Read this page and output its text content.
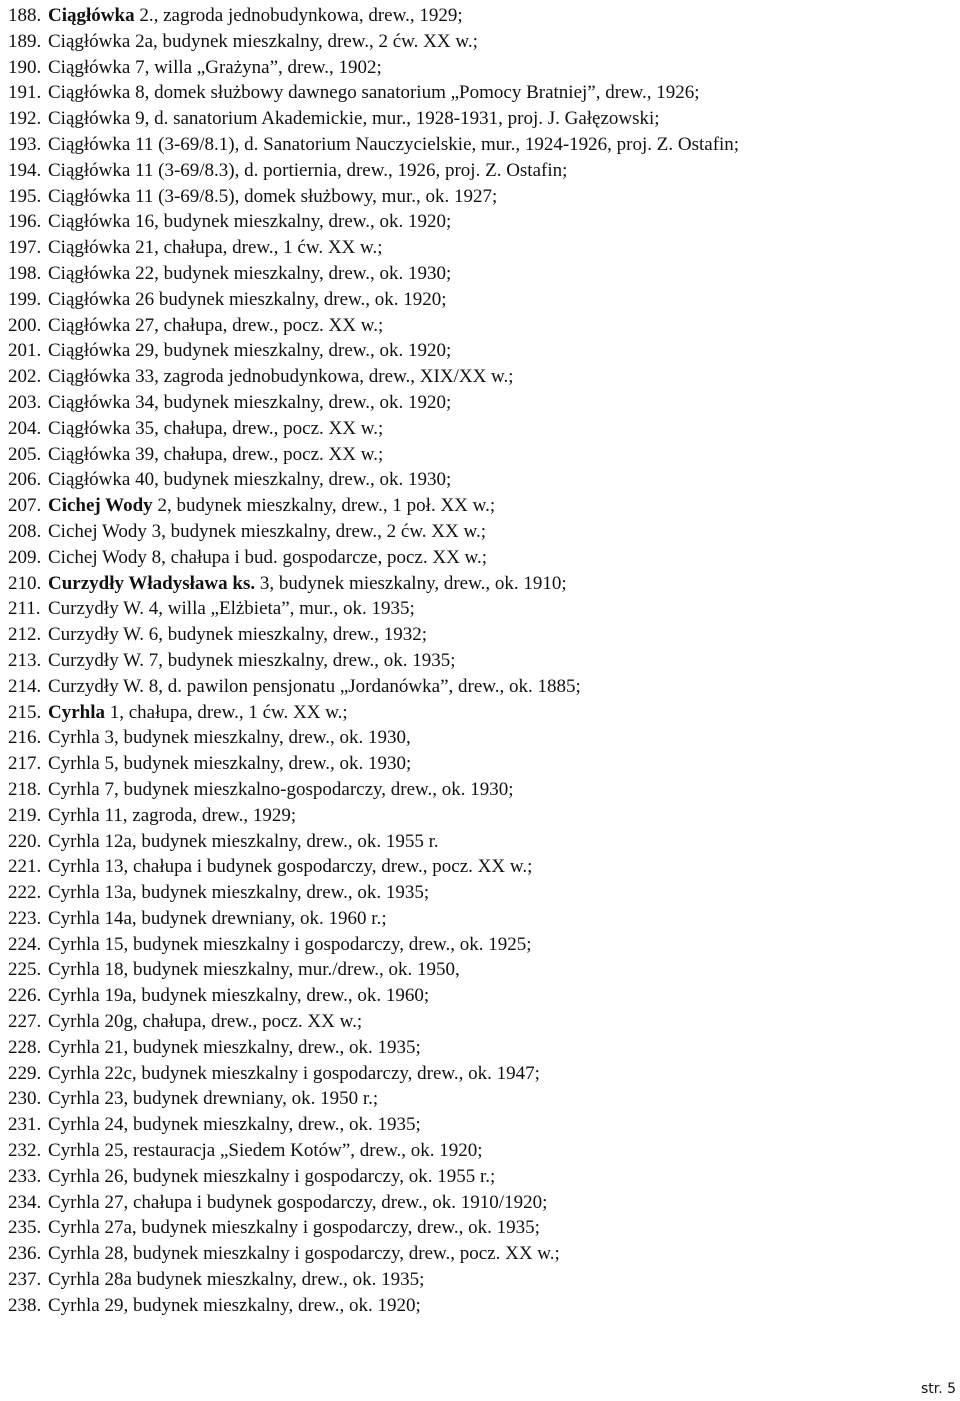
188. Ciągłówka 2., zagroda jednobudynkowa, drew., 1929;
189. Ciągłówka 2a, budynek mieszkalny, drew., 2 ćw. XX w.;
190. Ciągłówka 7, willa „Grażyna”, drew., 1902;
191. Ciągłówka 8, domek służbowy dawnego sanatorium „Pomocy Bratniej”, drew., 1926;
192. Ciągłówka 9, d. sanatorium Akademickie, mur., 1928-1931, proj. J. Gałęzowski;
193. Ciągłówka 11 (3-69/8.1), d. Sanatorium Nauczycielskie, mur., 1924-1926, proj. Z. Ostafin;
194. Ciągłówka 11 (3-69/8.3), d. portiernia, drew., 1926, proj. Z. Ostafin;
195. Ciągłówka 11 (3-69/8.5), domek służbowy, mur., ok. 1927;
196. Ciągłówka 16, budynek mieszkalny, drew., ok. 1920;
197. Ciągłówka 21, chałupa, drew., 1 ćw. XX w.;
198. Ciągłówka 22, budynek mieszkalny, drew., ok. 1930;
199. Ciągłówka 26 budynek mieszkalny, drew., ok. 1920;
200. Ciągłówka 27, chałupa, drew., pocz. XX w.;
201. Ciągłówka 29, budynek mieszkalny, drew., ok. 1920;
202. Ciągłówka 33, zagroda jednobudynkowa, drew., XIX/XX w.;
203. Ciągłówka 34, budynek mieszkalny, drew., ok. 1920;
204. Ciągłówka 35, chałupa, drew., pocz. XX w.;
205. Ciągłówka 39, chałupa, drew., pocz. XX w.;
206. Ciągłówka 40, budynek mieszkalny, drew., ok. 1930;
207. Cichej Wody 2, budynek mieszkalny, drew., 1 poł. XX w.;
208. Cichej Wody 3, budynek mieszkalny, drew., 2 ćw. XX w.;
209. Cichej Wody 8, chałupa i bud. gospodarcze, pocz. XX w.;
210. Curzydły Władysława ks. 3, budynek mieszkalny, drew., ok. 1910;
211. Curzydły W. 4, willa „Elżbieta”, mur., ok. 1935;
212. Curzydły W. 6, budynek mieszkalny, drew., 1932;
213. Curzydły W. 7, budynek mieszkalny, drew., ok. 1935;
214. Curzydły W. 8, d. pawilon pensjonatu „Jordanówka”, drew., ok. 1885;
215. Cyrhla 1, chałupa, drew., 1 ćw. XX w.;
216. Cyrhla 3, budynek mieszkalny, drew., ok. 1930,
217. Cyrhla 5, budynek mieszkalny, drew., ok. 1930;
218. Cyrhla 7, budynek mieszkalno-gospodarczy, drew., ok. 1930;
219. Cyrhla 11, zagroda, drew., 1929;
220. Cyrhla 12a, budynek mieszkalny, drew., ok. 1955 r.
221. Cyrhla 13, chałupa i budynek gospodarczy, drew., pocz. XX w.;
222. Cyrhla 13a, budynek mieszkalny, drew., ok. 1935;
223. Cyrhla 14a, budynek drewniany, ok. 1960 r.;
224. Cyrhla 15, budynek mieszkalny i gospodarczy, drew., ok. 1925;
225. Cyrhla 18, budynek mieszkalny, mur./drew., ok. 1950,
226. Cyrhla 19a, budynek mieszkalny, drew., ok. 1960;
227. Cyrhla 20g, chałupa, drew., pocz. XX w.;
228. Cyrhla 21, budynek mieszkalny, drew., ok. 1935;
229. Cyrhla 22c, budynek mieszkalny i gospodarczy, drew., ok. 1947;
230. Cyrhla 23, budynek drewniany, ok. 1950 r.;
231. Cyrhla 24, budynek mieszkalny, drew., ok. 1935;
232. Cyrhla 25, restauracja „Siedem Kotów”, drew., ok. 1920;
233. Cyrhla 26, budynek mieszkalny i gospodarczy, ok. 1955 r.;
234. Cyrhla 27, chałupa i budynek gospodarczy, drew., ok. 1910/1920;
235. Cyrhla 27a, budynek mieszkalny i gospodarczy, drew., ok. 1935;
236. Cyrhla 28, budynek mieszkalny i gospodarczy, drew., pocz. XX w.;
237. Cyrhla 28a budynek mieszkalny, drew., ok. 1935;
238. Cyrhla 29, budynek mieszkalny, drew., ok. 1920;
str. 5
